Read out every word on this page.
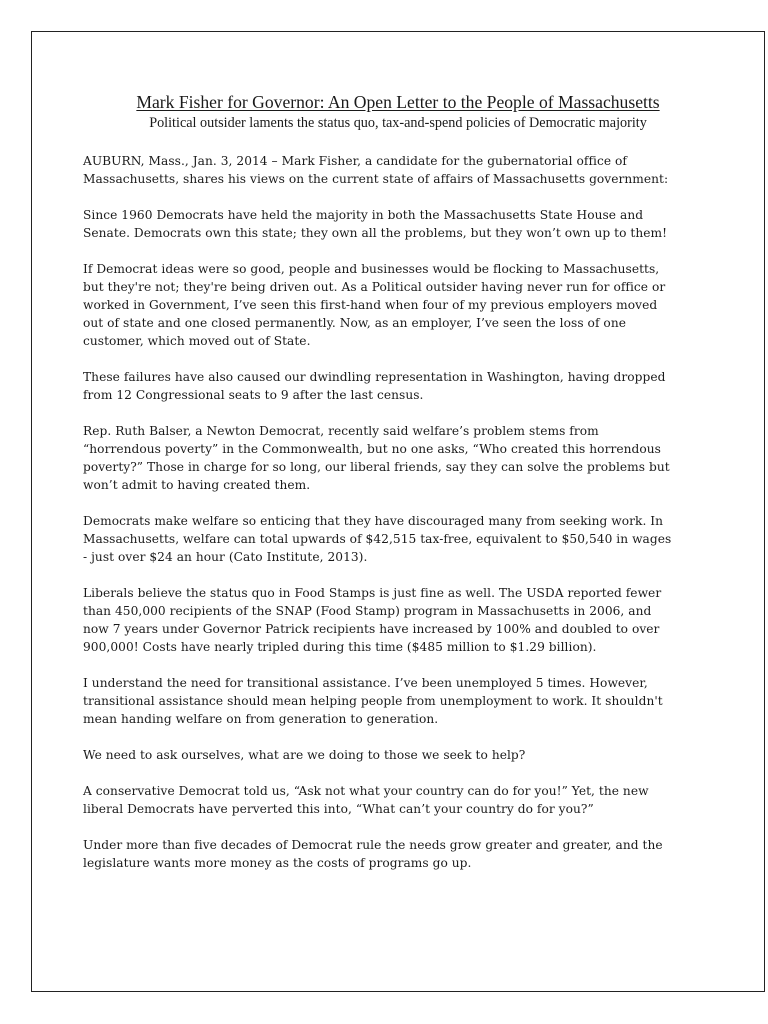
Mark Fisher for Governor: An Open Letter to the People of Massachusetts
Political outsider laments the status quo, tax-and-spend policies of Democratic majority

AUBURN, Mass., Jan. 3, 2014 – Mark Fisher, a candidate for the gubernatorial office of
Massachusetts, shares his views on the current state of affairs of Massachusetts government:

Since 1960 Democrats have held the majority in both the Massachusetts State House and
Senate. Democrats own this state; they own all the problems, but they won’t own up to them!

If Democrat ideas were so good, people and businesses would be flocking to Massachusetts,
but they're not; they're being driven out. As a Political outsider having never run for office or
worked in Government, I’ve seen this first-hand when four of my previous employers moved
out of state and one closed permanently. Now, as an employer, I’ve seen the loss of one
customer, which moved out of State.

These failures have also caused our dwindling representation in Washington, having dropped
from 12 Congressional seats to 9 after the last census.

Rep. Ruth Balser, a Newton Democrat, recently said welfare’s problem stems from
“horrendous poverty” in the Commonwealth, but no one asks, “Who created this horrendous
poverty?” Those in charge for so long, our liberal friends, say they can solve the problems but
won’t admit to having created them.

Democrats make welfare so enticing that they have discouraged many from seeking work. In
Massachusetts, welfare can total upwards of $42,515 tax-free, equivalent to $50,540 in wages
- just over $24 an hour (Cato Institute, 2013).

Liberals believe the status quo in Food Stamps is just fine as well. The USDA reported fewer
than 450,000 recipients of the SNAP (Food Stamp) program in Massachusetts in 2006, and
now 7 years under Governor Patrick recipients have increased by 100% and doubled to over
900,000! Costs have nearly tripled during this time ($485 million to $1.29 billion).

I understand the need for transitional assistance. I’ve been unemployed 5 times. However,
transitional assistance should mean helping people from unemployment to work. It shouldn't
mean handing welfare on from generation to generation.

We need to ask ourselves, what are we doing to those we seek to help?

A conservative Democrat told us, “Ask not what your country can do for you!” Yet, the new
liberal Democrats have perverted this into, “What can’t your country do for you?”

Under more than five decades of Democrat rule the needs grow greater and greater, and the
legislature wants more money as the costs of programs go up.
